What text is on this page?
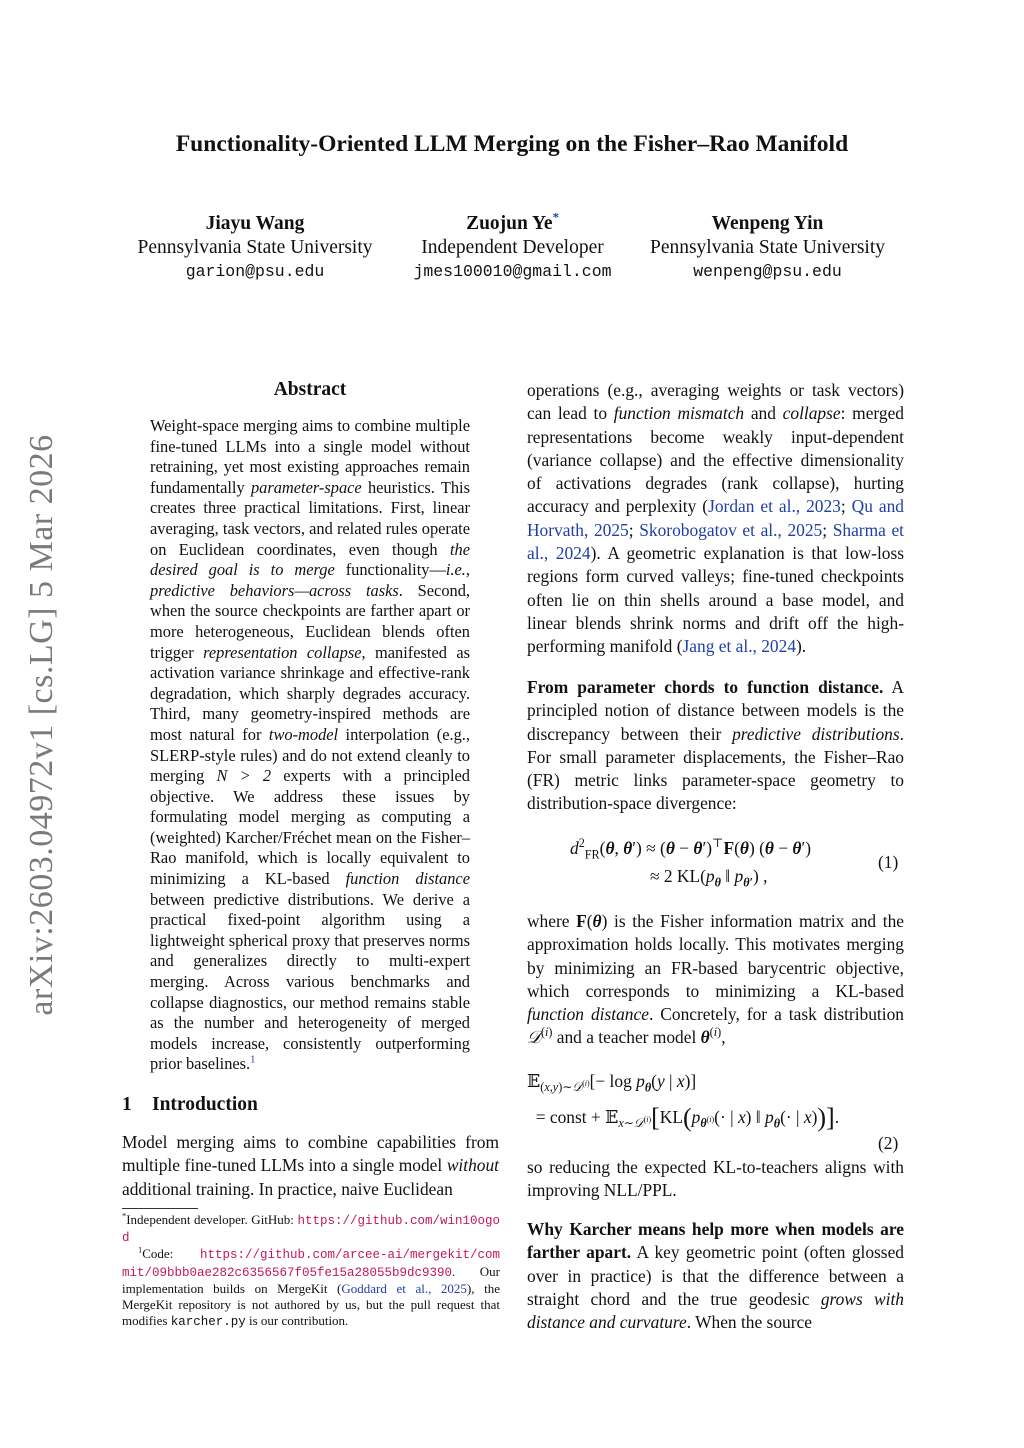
arXiv:2603.04972v1 [cs.LG] 5 Mar 2026
Functionality-Oriented LLM Merging on the Fisher–Rao Manifold
Jiayu Wang
Pennsylvania State University
garion@psu.edu
Zuojun Ye*
Independent Developer
jmes100010@gmail.com
Wenpeng Yin
Pennsylvania State University
wenpeng@psu.edu
Abstract

Weight-space merging aims to combine multiple fine-tuned LLMs into a single model without retraining, yet most existing approaches remain fundamentally parameter-space heuristics. This creates three practical limitations. First, linear averaging, task vectors, and related rules operate on Euclidean coordinates, even though the desired goal is to merge functionality—i.e., predictive behaviors—across tasks. Second, when the source checkpoints are farther apart or more heterogeneous, Euclidean blends often trigger representation collapse, manifested as activation variance shrinkage and effective-rank degradation, which sharply degrades accuracy. Third, many geometry-inspired methods are most natural for two-model interpolation (e.g., SLERP-style rules) and do not extend cleanly to merging N > 2 experts with a principled objective. We address these issues by formulating model merging as computing a (weighted) Karcher/Fréchet mean on the Fisher–Rao manifold, which is locally equivalent to minimizing a KL-based function distance between predictive distributions. We derive a practical fixed-point algorithm using a lightweight spherical proxy that preserves norms and generalizes directly to multi-expert merging. Across various benchmarks and collapse diagnostics, our method remains stable as the number and heterogeneity of merged models increase, consistently outperforming prior baselines.$^1$

1 Introduction

Model merging aims to combine capabilities from multiple fine-tuned LLMs into a single model without additional training. In practice, naive Euclidean

*Independent developer. GitHub: https://github.com/win10ogod

$^1$Code: https://github.com/arcee-ai/mergekit/commit/09bbb0ae282c6356567f05fe15a28055b9dc9390. Our implementation builds on MergeKit (Goddard et al., 2025), the MergeKit repository is not authored by us, but the pull request that modifies karcher.py is our contribution.

operations (e.g., averaging weights or task vectors) can lead to function mismatch and collapse: merged representations become weakly input-dependent (variance collapse) and the effective dimensionality of activations degrades (rank collapse), hurting accuracy and perplexity (Jordan et al., 2023; Qu and Horvath, 2025; Skorobogatov et al., 2025; Sharma et al., 2024). A geometric explanation is that low-loss regions form curved valleys; fine-tuned checkpoints often lie on thin shells around a base model, and linear blends shrink norms and drift off the high-performing manifold (Jang et al., 2024).

From parameter chords to function distance. A principled notion of distance between models is the discrepancy between their predictive distributions. For small parameter displacements, the Fisher–Rao (FR) metric links parameter-space geometry to distribution-space divergence:

$d^2_{FR}(\theta$, θ′) ≈ (θ − θ′)⊤F(θ) (θ − θ′)
≈ 2 $KL(p_\theta$ ‖ $p_{\theta'}$) ,
(1)

where F(θ) is the Fisher information matrix and the approximation holds locally. This motivates merging by minimizing an FR-based barycentric objective, which corresponds to minimizing a KL-based function distance. Concretely, for a task distribution 𝒟$^{(i)}$ and a teacher model $\theta^{(i)}$,

𝔼$_{(x,y)\sim 𝒟^{(i)}}$[− $\log p_\theta(y$ | x)]
= const + $𝔼_{x\sim 𝒟^{(i)}}[KL(p_{\theta^{(i)}}(\cdot$ | x) ‖ $p_\theta(\cdot$ | x))].
(2)

so reducing the expected KL-to-teachers aligns with improving NLL/PPL.

Why Karcher means help more when models are farther apart. A key geometric point (often glossed over in practice) is that the difference between a straight chord and the true geodesic grows with distance and curvature. When the source
